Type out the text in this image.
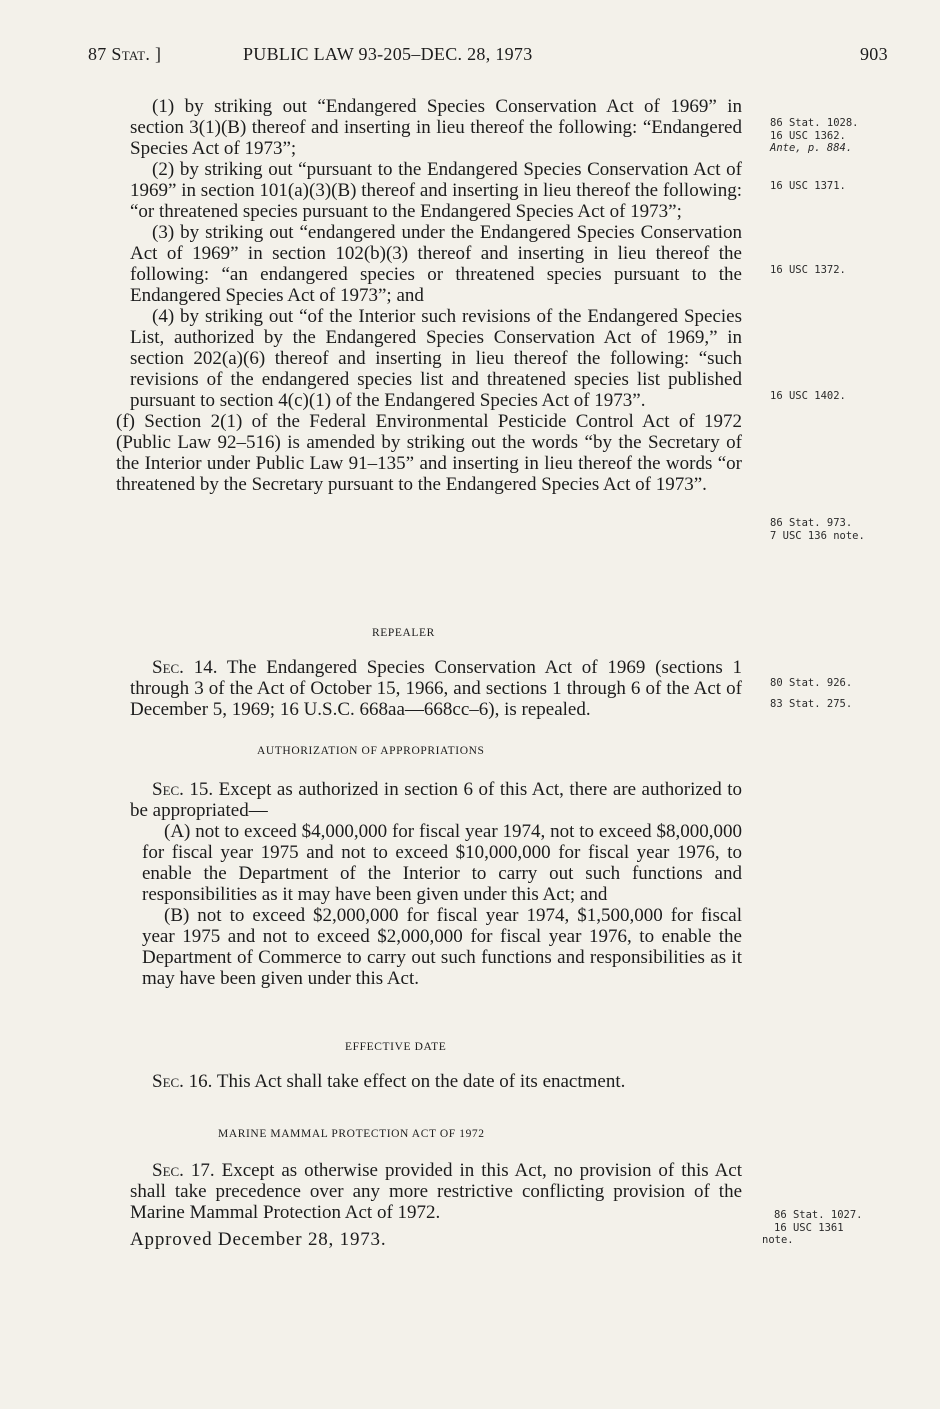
87 Stat. ]	PUBLIC LAW 93-205–DEC. 28, 1973	903

(1) by striking out “Endangered Species Conservation Act of 1969” in section 3(1)(B) thereof and inserting in lieu thereof the following: “Endangered Species Act of 1973”;

(2) by striking out “pursuant to the Endangered Species Conservation Act of 1969” in section 101(a)(3)(B) thereof and inserting in lieu thereof the following: “or threatened species pursuant to the Endangered Species Act of 1973”;

(3) by striking out “endangered under the Endangered Species Conservation Act of 1969” in section 102(b)(3) thereof and inserting in lieu thereof the following: “an endangered species or threatened species pursuant to the Endangered Species Act of 1973”; and

(4) by striking out “of the Interior such revisions of the Endangered Species List, authorized by the Endangered Species Conservation Act of 1969,” in section 202(a)(6) thereof and inserting in lieu thereof the following: “such revisions of the endangered species list and threatened species list published pursuant to section 4(c)(1) of the Endangered Species Act of 1973”.

(f) Section 2(1) of the Federal Environmental Pesticide Control Act of 1972 (Public Law 92–516) is amended by striking out the words “by the Secretary of the Interior under Public Law 91–135” and inserting in lieu thereof the words “or threatened by the Secretary pursuant to the Endangered Species Act of 1973”.

REPEALER

Sec. 14. The Endangered Species Conservation Act of 1969 (sections 1 through 3 of the Act of October 15, 1966, and sections 1 through 6 of the Act of December 5, 1969; 16 U.S.C. 668aa—668cc–6), is repealed.

AUTHORIZATION OF APPROPRIATIONS

Sec. 15. Except as authorized in section 6 of this Act, there are authorized to be appropriated—

(A) not to exceed $4,000,000 for fiscal year 1974, not to exceed $8,000,000 for fiscal year 1975 and not to exceed $10,000,000 for fiscal year 1976, to enable the Department of the Interior to carry out such functions and responsibilities as it may have been given under this Act; and

(B) not to exceed $2,000,000 for fiscal year 1974, $1,500,000 for fiscal year 1975 and not to exceed $2,000,000 for fiscal year 1976, to enable the Department of Commerce to carry out such functions and responsibilities as it may have been given under this Act.

EFFECTIVE DATE

Sec. 16. This Act shall take effect on the date of its enactment.

MARINE MAMMAL PROTECTION ACT OF 1972

Sec. 17. Except as otherwise provided in this Act, no provision of this Act shall take precedence over any more restrictive conflicting provision of the Marine Mammal Protection Act of 1972.

Approved December 28, 1973.

86 Stat. 1028.
16 USC 1362.
Ante, p. 884.
16 USC 1371.
16 USC 1372.
16 USC 1402.
86 Stat. 973.
7 USC 136 note.
80 Stat. 926.
83 Stat. 275.
86 Stat. 1027.
16 USC 1361
note.
